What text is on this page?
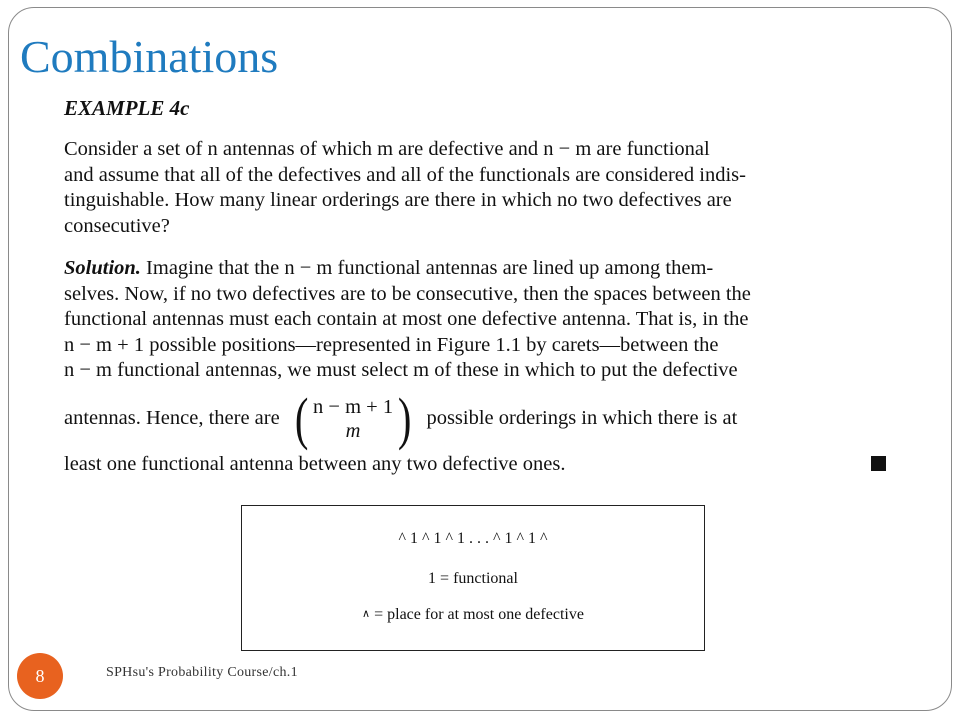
Combinations

EXAMPLE 4c

Consider a set of n antennas of which m are defective and n − m are functional
and assume that all of the defectives and all of the functionals are considered indis-
tinguishable. How many linear orderings are there in which no two defectives are
consecutive?

Solution. Imagine that the n − m functional antennas are lined up among them-
selves. Now, if no two defectives are to be consecutive, then the spaces between the
functional antennas must each contain at most one defective antenna. That is, in the
n − m + 1 possible positions—represented in Figure 1.1 by carets—between the
n − m functional antennas, we must select m of these in which to put the defective

antennas. Hence, there are ( n − m + 1
m ) possible orderings in which there is at

least one functional antenna between any two defective ones.

^ 1 ^ 1 ^ 1 . . . ^ 1 ^ 1 ^
1 = functional
∧ = place for at most one defective
8	SPHsu's Probability Course/ch.1
